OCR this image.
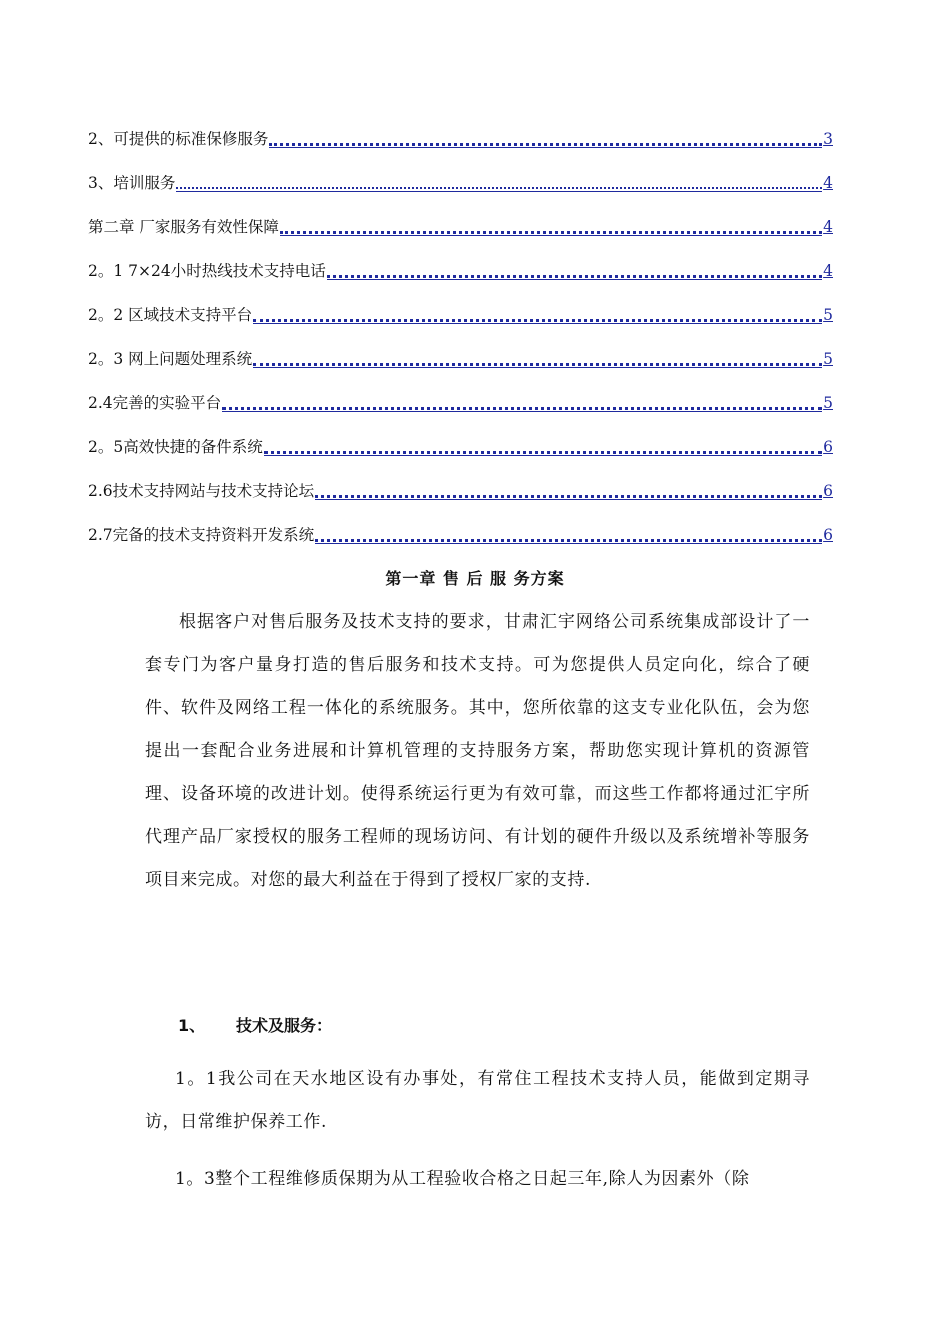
2、可提供的标准保修服务	3
3、培训服务	4
第二章 厂家服务有效性保障	4
2。1 7×24小时热线技术支持电话	4
2。2 区域技术支持平台	5
2。3 网上问题处理系统	5
2.4完善的实验平台	5
2。5高效快捷的备件系统	6
2.6技术支持网站与技术支持论坛	6
2.7完备的技术支持资料开发系统	6
第一章 售 后 服 务方案

根据客户对售后服务及技术支持的要求，甘肃汇宇网络公司系统集成部设计了一套专门为客户量身打造的售后服务和技术支持。可为您提供人员定向化，综合了硬件、软件及网络工程一体化的系统服务。其中，您所依靠的这支专业化队伍，会为您提出一套配合业务进展和计算机管理的支持服务方案，帮助您实现计算机的资源管理、设备环境的改进计划。使得系统运行更为有效可靠，而这些工作都将通过汇宇所代理产品厂家授权的服务工程师的现场访问、有计划的硬件升级以及系统增补等服务项目来完成。对您的最大利益在于得到了授权厂家的支持.

1、 技术及服务：

1。1我公司在天水地区设有办事处，有常住工程技术支持人员，能做到定期寻访，日常维护保养工作.

1。3整个工程维修质保期为从工程验收合格之日起三年,除人为因素外（除
